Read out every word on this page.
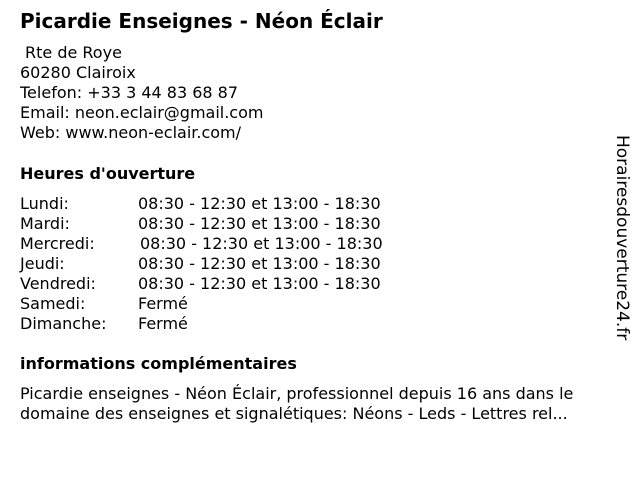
Picardie Enseignes - Néon Éclair
Rte de Roye
60280 Clairoix
Telefon: +33 3 44 83 68 87
Email: neon.eclair@gmail.com
Web: www.neon-eclair.com/
Heures d'ouverture
Lundi:	08:30 - 12:30 et 13:00 - 18:30
Mardi:	08:30 - 12:30 et 13:00 - 18:30
Mercredi:	08:30 - 12:30 et 13:00 - 18:30
Jeudi:	08:30 - 12:30 et 13:00 - 18:30
Vendredi:	08:30 - 12:30 et 13:00 - 18:30
Samedi:	Fermé
Dimanche:	Fermé
informations complémentaires
Picardie enseignes - Néon Éclair, professionnel depuis 16 ans dans le
domaine des enseignes et signalétiques: Néons - Leds - Lettres rel...
Horairesdouverture24.fr
